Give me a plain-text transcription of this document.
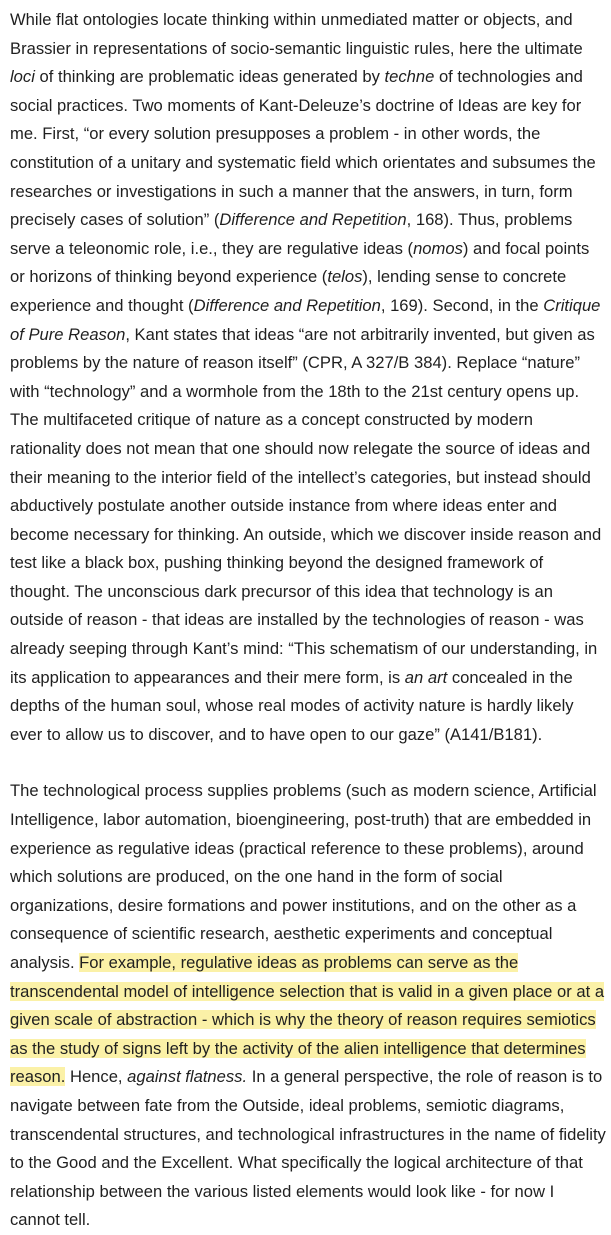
While flat ontologies locate thinking within unmediated matter or objects, and Brassier in representations of socio-semantic linguistic rules, here the ultimate loci of thinking are problematic ideas generated by techne of technologies and social practices. Two moments of Kant-Deleuze’s doctrine of Ideas are key for me. First, “or every solution presupposes a problem - in other words, the constitution of a unitary and systematic field which orientates and subsumes the researches or investigations in such a manner that the answers, in turn, form precisely cases of solution” (Difference and Repetition, 168). Thus, problems serve a teleonomic role, i.e., they are regulative ideas (nomos) and focal points or horizons of thinking beyond experience (telos), lending sense to concrete experience and thought (Difference and Repetition, 169). Second, in the Critique of Pure Reason, Kant states that ideas “are not arbitrarily invented, but given as problems by the nature of reason itself” (CPR, A 327/B 384). Replace “nature” with “technology” and a wormhole from the 18th to the 21st century opens up. The multifaceted critique of nature as a concept constructed by modern rationality does not mean that one should now relegate the source of ideas and their meaning to the interior field of the intellect’s categories, but instead should abductively postulate another outside instance from where ideas enter and become necessary for thinking. An outside, which we discover inside reason and test like a black box, pushing thinking beyond the designed framework of thought. The unconscious dark precursor of this idea that technology is an outside of reason - that ideas are installed by the technologies of reason - was already seeping through Kant’s mind: “This schematism of our understanding, in its application to appearances and their mere form, is an art concealed in the depths of the human soul, whose real modes of activity nature is hardly likely ever to allow us to discover, and to have open to our gaze” (A141/B181).

The technological process supplies problems (such as modern science, Artificial Intelligence, labor automation, bioengineering, post-truth) that are embedded in experience as regulative ideas (practical reference to these problems), around which solutions are produced, on the one hand in the form of social organizations, desire formations and power institutions, and on the other as a consequence of scientific research, aesthetic experiments and conceptual analysis. For example, regulative ideas as problems can serve as the transcendental model of intelligence selection that is valid in a given place or at a given scale of abstraction - which is why the theory of reason requires semiotics as the study of signs left by the activity of the alien intelligence that determines reason. Hence, against flatness. In a general perspective, the role of reason is to navigate between fate from the Outside, ideal problems, semiotic diagrams, transcendental structures, and technological infrastructures in the name of fidelity to the Good and the Excellent. What specifically the logical architecture of that relationship between the various listed elements would look like - for now I cannot tell.
